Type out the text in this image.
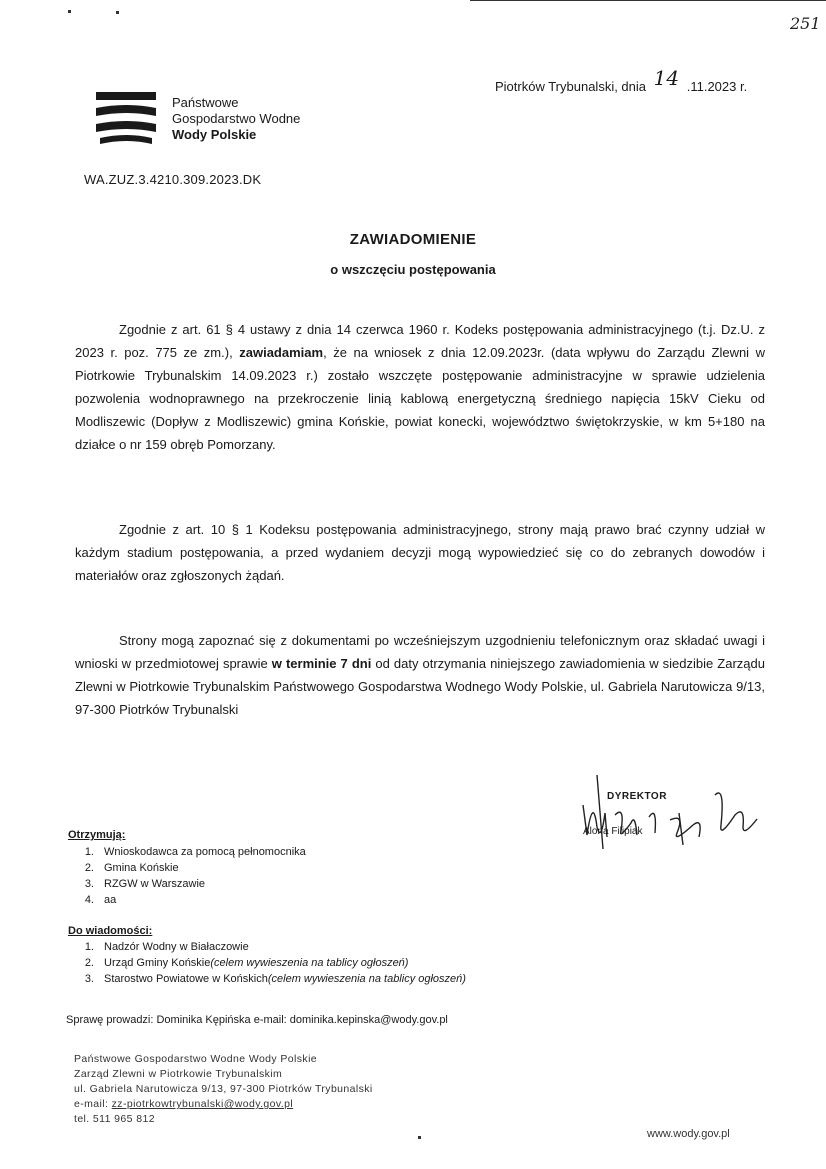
251
Piotrków Trybunalski, dnia 14 .11.2023 r.
Państwowe
Gospodarstwo Wodne
Wody Polskie
WA.ZUZ.3.4210.309.2023.DK
ZAWIADOMIENIE
o wszczęciu postępowania
Zgodnie z art. 61 § 4 ustawy z dnia 14 czerwca 1960 r. Kodeks postępowania administracyjnego (t.j. Dz.U. z 2023 r. poz. 775 ze zm.), zawiadamiam, że na wniosek z dnia 12.09.2023r. (data wpływu do Zarządu Zlewni w Piotrkowie Trybunalskim 14.09.2023 r.) zostało wszczęte postępowanie administracyjne w sprawie udzielenia pozwolenia wodnoprawnego na przekroczenie linią kablową energetyczną średniego napięcia 15kV Cieku od Modliszewic (Dopływ z Modliszewic) gmina Końskie, powiat konecki, województwo świętokrzyskie, w km 5+180 na działce o nr 159 obręb Pomorzany.
Zgodnie z art. 10 § 1 Kodeksu postępowania administracyjnego, strony mają prawo brać czynny udział w każdym stadium postępowania, a przed wydaniem decyzji mogą wypowiedzieć się co do zebranych dowodów i materiałów oraz zgłoszonych żądań.
Strony mogą zapoznać się z dokumentami po wcześniejszym uzgodnieniu telefonicznym oraz składać uwagi i wnioski w przedmiotowej sprawie w terminie 7 dni od daty otrzymania niniejszego zawiadomienia w siedzibie Zarządu Zlewni w Piotrkowie Trybunalskim Państwowego Gospodarstwa Wodnego Wody Polskie, ul. Gabriela Narutowicza 9/13, 97-300 Piotrków Trybunalski
DYREKTOR
Alona Filipiak
Otrzymują:
1. Wnioskodawca za pomocą pełnomocnika
2. Gmina Końskie
3. RZGW w Warszawie
4. aa
Do wiadomości:
1. Nadzór Wodny w Białaczowie
2. Urząd Gminy Końskie (celem wywieszenia na tablicy ogłoszeń)
3. Starostwo Powiatowe w Końskich (celem wywieszenia na tablicy ogłoszeń)
Sprawę prowadzi: Dominika Kępińska e-mail: dominika.kepinska@wody.gov.pl
Państwowe Gospodarstwo Wodne Wody Polskie
Zarząd Zlewni w Piotrkowie Trybunalskim
ul. Gabriela Narutowicza 9/13, 97-300 Piotrków Trybunalski
e-mail: zz-piotrkowtrybunalski@wody.gov.pl
tel. 511 965 812
www.wody.gov.pl
